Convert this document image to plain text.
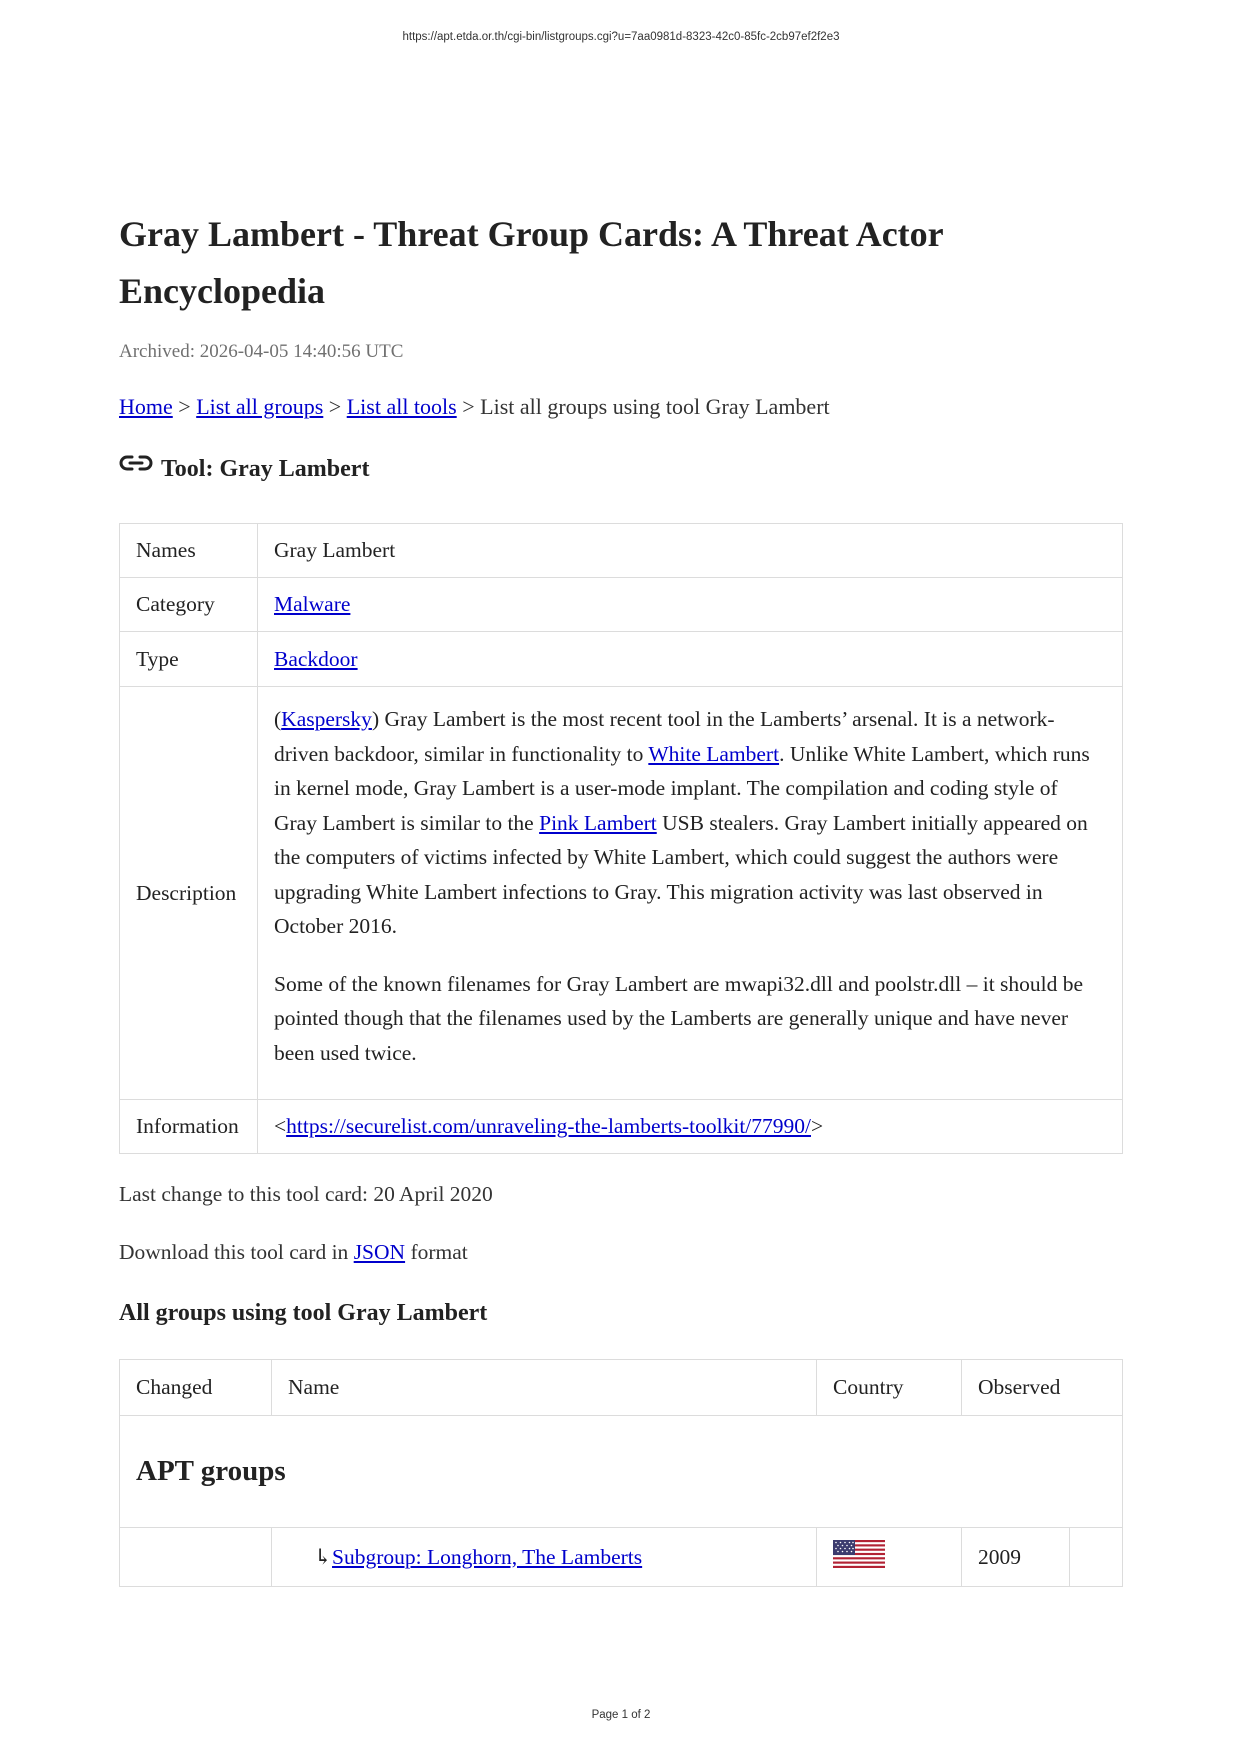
https://apt.etda.or.th/cgi-bin/listgroups.cgi?u=7aa0981d-8323-42c0-85fc-2cb97ef2f2e3
Gray Lambert - Threat Group Cards: A Threat Actor Encyclopedia
Archived: 2026-04-05 14:40:56 UTC
Home > List all groups > List all tools > List all groups using tool Gray Lambert
Tool: Gray Lambert
Names	Gray Lambert
Category	Malware
Type	Backdoor
Description	(Kaspersky) Gray Lambert is the most recent tool in the Lamberts’ arsenal. It is a network-driven backdoor, similar in functionality to White Lambert. Unlike White Lambert, which runs in kernel mode, Gray Lambert is a user-mode implant. The compilation and coding style of Gray Lambert is similar to the Pink Lambert USB stealers. Gray Lambert initially appeared on the computers of victims infected by White Lambert, which could suggest the authors were upgrading White Lambert infections to Gray. This migration activity was last observed in October 2016.

Some of the known filenames for Gray Lambert are mwapi32.dll and poolstr.dll – it should be pointed though that the filenames used by the Lamberts are generally unique and have never been used twice.

Information	<https://securelist.com/unraveling-the-lamberts-toolkit/77990/>
Last change to this tool card: 20 April 2020
Download this tool card in JSON format
All groups using tool Gray Lambert
Changed	Name	Country	Observed	
APT groups				
	↳Subgroup: Longhorn, The Lamberts		2009	
Page 1 of 2
